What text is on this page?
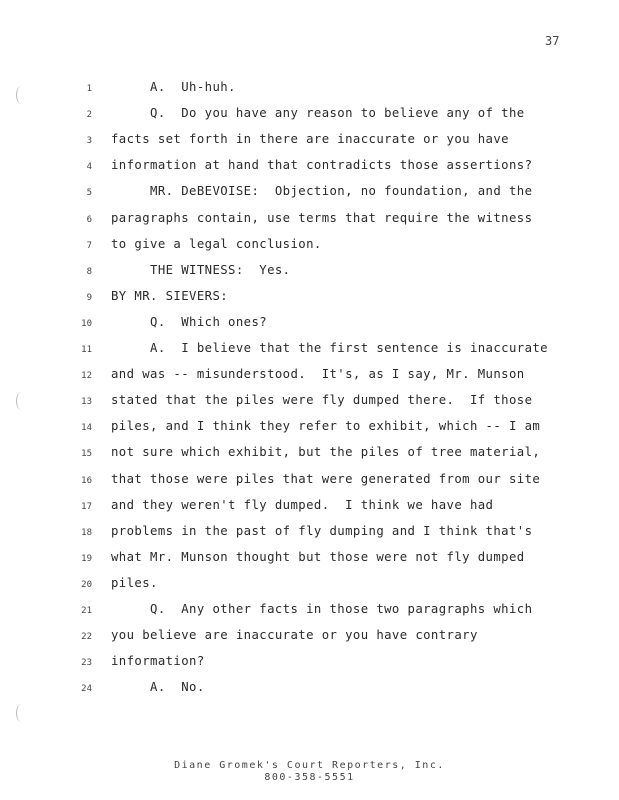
37
1 A.  Uh-huh.
2 Q.  Do you have any reason to believe any of the
3 facts set forth in there are inaccurate or you have
4 information at hand that contradicts those assertions?
5 MR. DeBEVOISE:  Objection, no foundation, and the
6 paragraphs contain, use terms that require the witness
7 to give a legal conclusion.
8 THE WITNESS:  Yes.
9 BY MR. SIEVERS:
10 Q.  Which ones?
11 A.  I believe that the first sentence is inaccurate
12 and was -- misunderstood.  It's, as I say, Mr. Munson
13 stated that the piles were fly dumped there.  If those
14 piles, and I think they refer to exhibit, which -- I am
15 not sure which exhibit, but the piles of tree material,
16 that those were piles that were generated from our site
17 and they weren't fly dumped.  I think we have had
18 problems in the past of fly dumping and I think that's
19 what Mr. Munson thought but those were not fly dumped
20 piles.
21 Q.  Any other facts in those two paragraphs which
22 you believe are inaccurate or you have contrary
23 information?
24 A.  No.
Diane Gromek's Court Reporters, Inc.
800-358-5551
